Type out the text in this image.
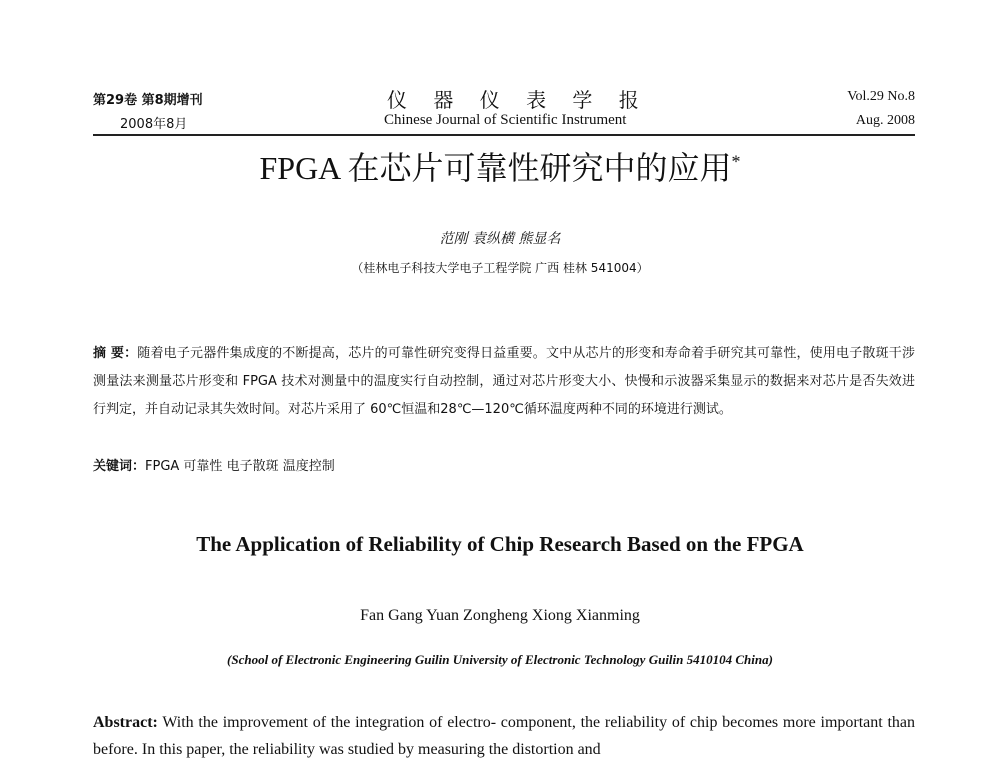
第29卷 第8期增刊
2008年8月
仪 器 仪 表 学 报
Chinese Journal of Scientific Instrument
Vol.29 No.8
Aug. 2008
FPGA 在芯片可靠性研究中的应用*
范刚 袁纵横 熊显名
（桂林电子科技大学电子工程学院 广西 桂林 541004）
摘 要：随着电子元器件集成度的不断提高，芯片的可靠性研究变得日益重要。文中从芯片的形变和寿命着手研究其可靠性，使用电子散斑干涉测量法来测量芯片形变和 FPGA 技术对测量中的温度实行自动控制，通过对芯片形变大小、快慢和示波器采集显示的数据来对芯片是否失效进行判定，并自动记录其失效时间。对芯片采用了 60℃恒温和28℃—120℃循环温度两种不同的环境进行测试。
关键词：FPGA 可靠性 电子散斑 温度控制
The Application of Reliability of Chip Research Based on the FPGA
Fan Gang Yuan Zongheng Xiong Xianming
(School of Electronic Engineering Guilin University of Electronic Technology Guilin 5410104 China)
Abstract: With the improvement of the integration of electro- component, the reliability of chip becomes more important than before. In this paper, the reliability was studied by measuring the distortion and
